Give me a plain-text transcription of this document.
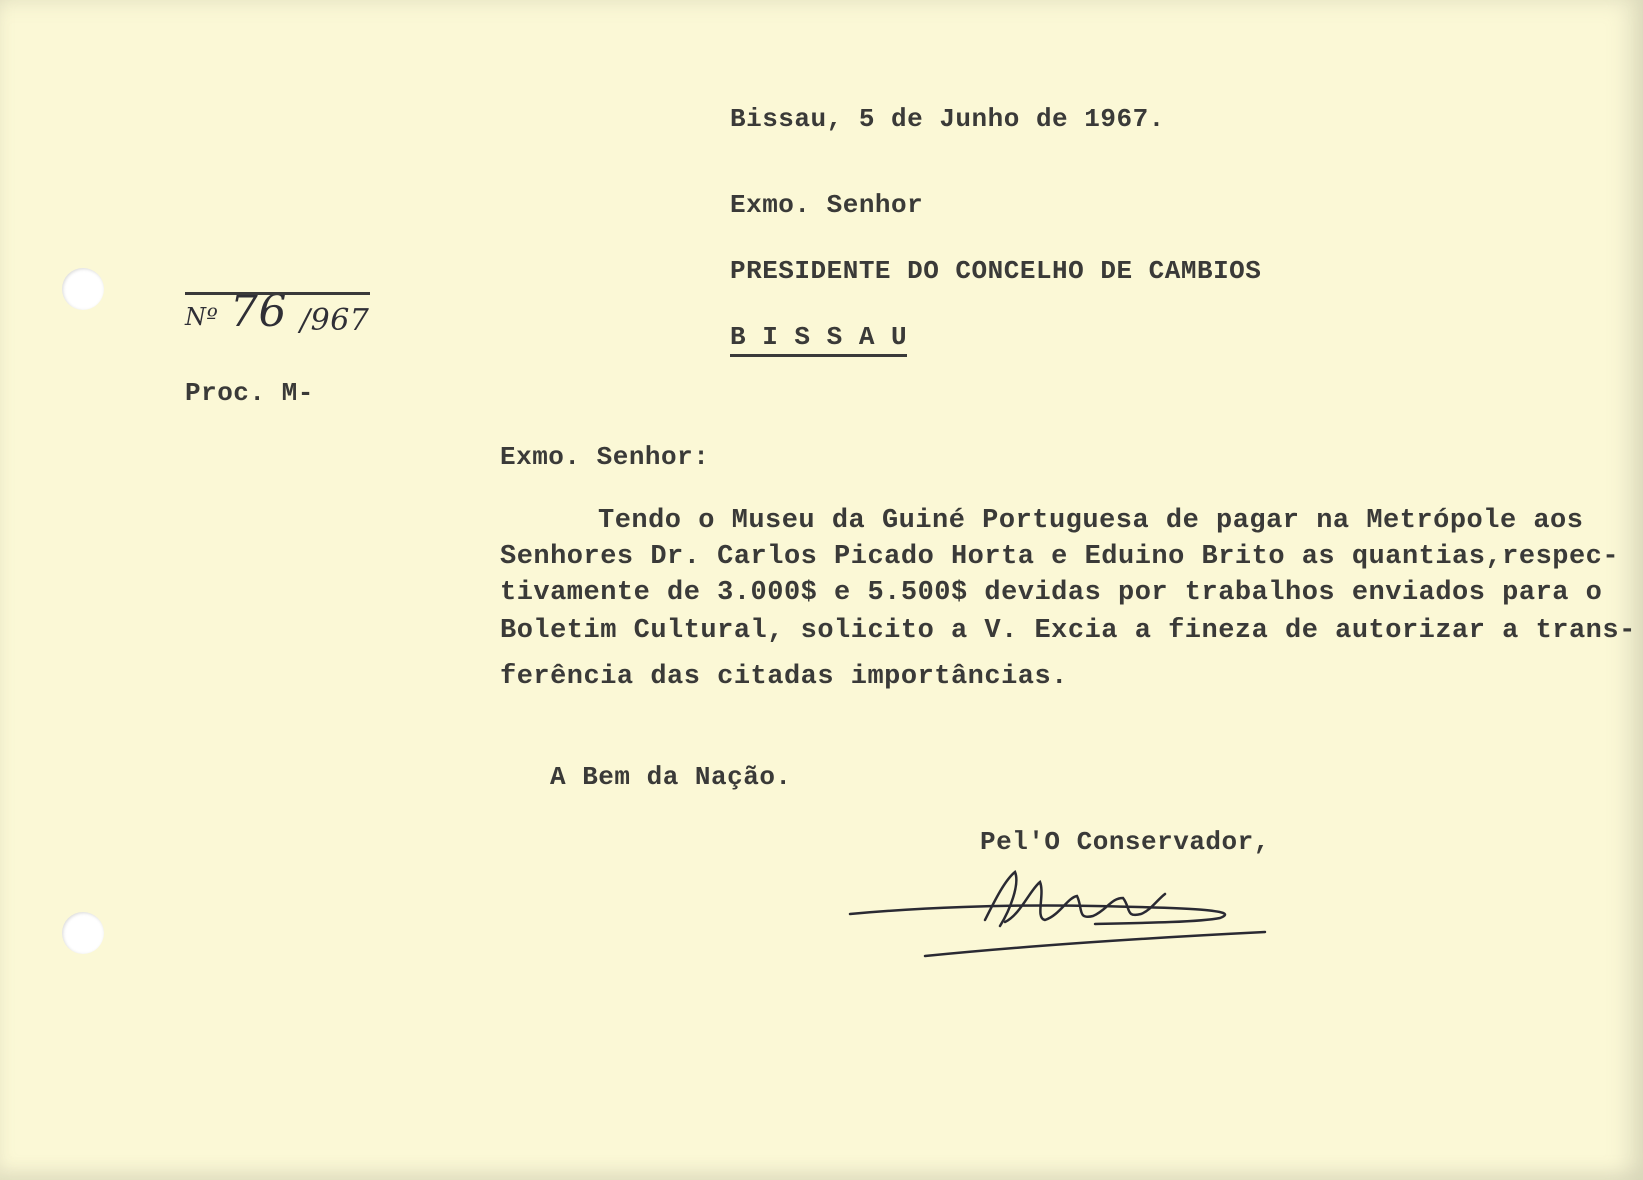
Bissau, 5 de Junho de 1967.
Exmo. Senhor
PRESIDENTE DO CONCELHO DE CAMBIOS
B I S S A U
Nº 76 /967
Proc. M-
Exmo. Senhor:
Tendo o Museu da Guiné Portuguesa de pagar na Metrópole aos
Senhores Dr. Carlos Picado Horta e Eduino Brito as quantias,respec-
tivamente de 3.000$ e 5.500$ devidas por trabalhos enviados para o
Boletim Cultural, solicito a V. Excia a fineza de autorizar a trans-
ferência das citadas importâncias.
A Bem da Nação.
Pel'O Conservador,
